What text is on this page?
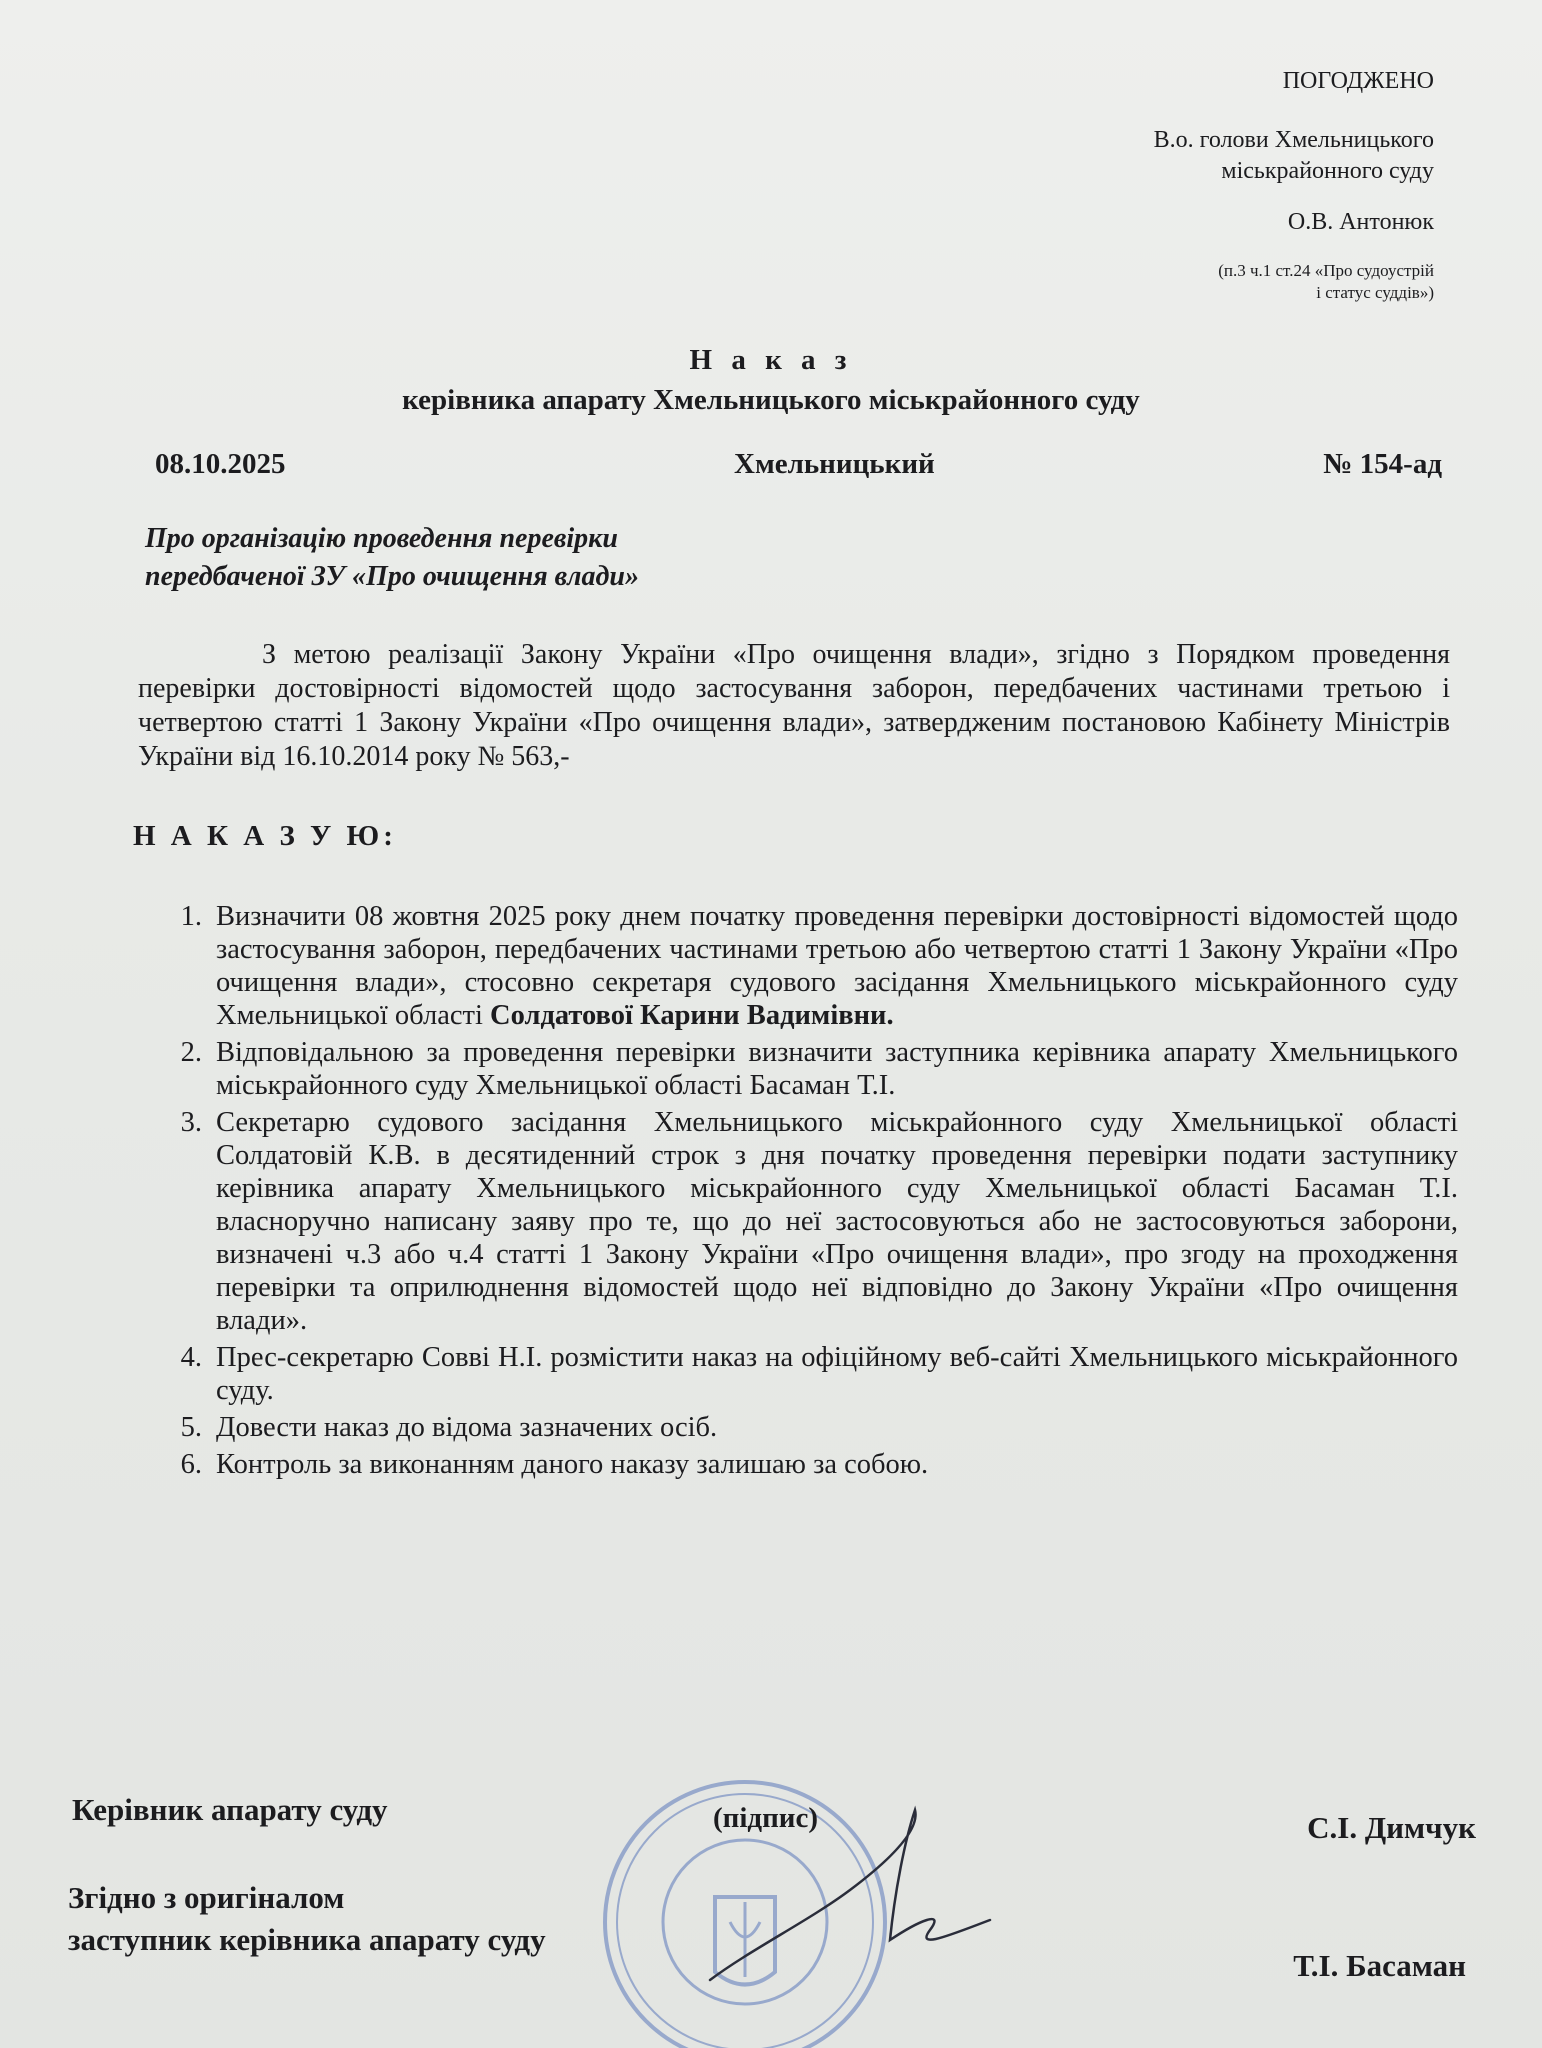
ПОГОДЖЕНО
В.о. голови Хмельницького
міськрайонного суду
О.В. Антонюк
(п.3 ч.1 ст.24 «Про судоустрій
і статус суддів»)
Н а к а з
керівника апарату Хмельницького міськрайонного суду
08.10.2025	Хмельницький	№ 154-ад
Про організацію проведення перевірки
передбаченої ЗУ «Про очищення влади»
З метою реалізації Закону України «Про очищення влади», згідно з Порядком проведення перевірки достовірності відомостей щодо застосування заборон, передбачених частинами третьою і четвертою статті 1 Закону України «Про очищення влади», затвердженим постановою Кабінету Міністрів України від 16.10.2014 року № 563,-
Н А К А З У Ю:
1. Визначити 08 жовтня 2025 року днем початку проведення перевірки достовірності відомостей щодо застосування заборон, передбачених частинами третьою або четвертою статті 1 Закону України «Про очищення влади», стосовно секретаря судового засідання Хмельницького міськрайонного суду Хмельницької області Солдатової Карини Вадимівни.
2. Відповідальною за проведення перевірки визначити заступника керівника апарату Хмельницького міськрайонного суду Хмельницької області Басаман Т.І.
3. Секретарю судового засідання Хмельницького міськрайонного суду Хмельницької області Солдатовій К.В. в десятиденний строк з дня початку проведення перевірки подати заступнику керівника апарату Хмельницького міськрайонного суду Хмельницької області Басаман Т.І. власноручно написану заяву про те, що до неї застосовуються або не застосовуються заборони, визначені ч.3 або ч.4 статті 1 Закону України «Про очищення влади», про згоду на проходження перевірки та оприлюднення відомостей щодо неї відповідно до Закону України «Про очищення влади».
4. Прес-секретарю Совві Н.І. розмістити наказ на офіційному веб-сайті Хмельницького міськрайонного суду.
5. Довести наказ до відома зазначених осіб.
6. Контроль за виконанням даного наказу залишаю за собою.
Керівник апарату суду	(підпис)	С.І. Димчук
Згідно з оригіналом
заступник керівника апарату суду
Т.І. Басаман
